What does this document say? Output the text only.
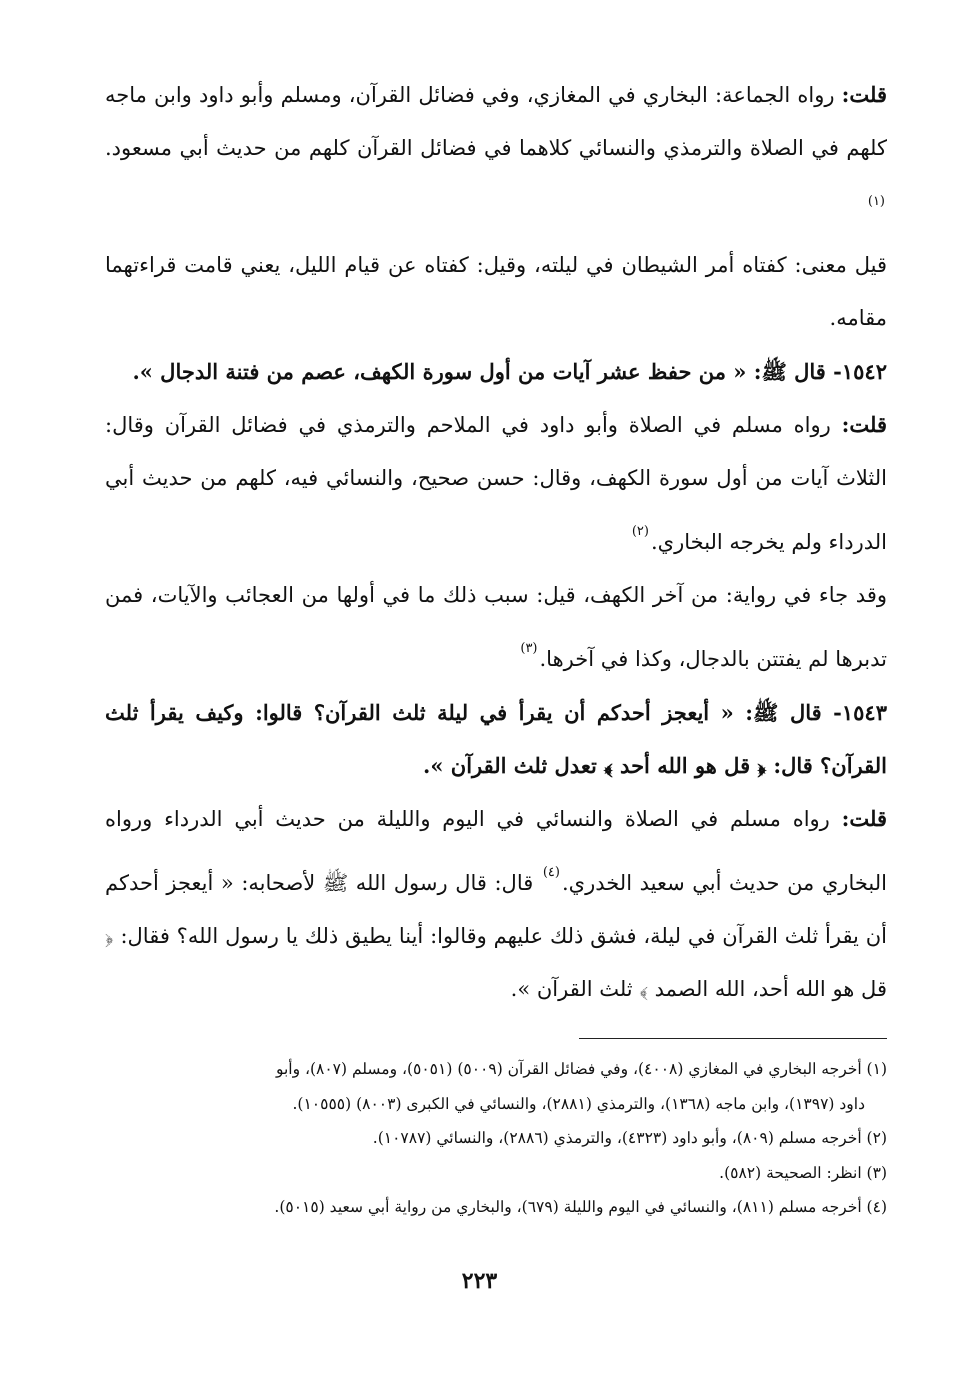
قلت: رواه الجماعة: البخاري في المغازي، وفي فضائل القرآن، ومسلم وأبو داود وابن ماجه كلهم في الصلاة والترمذي والنسائي كلاهما في فضائل القرآن كلهم من حديث أبي مسعود.$^{(١)}$

قيل معنى: كفتاه أمر الشيطان في ليلته، وقيل: كفتاه عن قيام الليل، يعني قامت قراءتهما مقامه.

١٥٤٢- قال ﷺ: « من حفظ عشر آيات من أول سورة الكهف، عصم من فتنة الدجال ».

قلت: رواه مسلم في الصلاة وأبو داود في الملاحم والترمذي في فضائل القرآن وقال: الثلاث آيات من أول سورة الكهف، وقال: حسن صحيح، والنسائي فيه، كلهم من حديث أبي الدرداء ولم يخرجه البخاري.$^{(٢)}$

وقد جاء في رواية: من آخر الكهف، قيل: سبب ذلك ما في أولها من العجائب والآيات، فمن تدبرها لم يفتتن بالدجال، وكذا في آخرها.$^{(٣)}$

١٥٤٣- قال ﷺ: « أيعجز أحدكم أن يقرأ في ليلة ثلث القرآن؟ قالوا: وكيف يقرأ ثلث القرآن؟ قال: ﴿ قل هو الله أحد ﴾ تعدل ثلث القرآن ».

قلت: رواه مسلم في الصلاة والنسائي في اليوم والليلة من حديث أبي الدرداء ورواه البخاري من حديث أبي سعيد الخدري.$^{(٤)}$ قال: قال رسول الله ﷺ لأصحابه: « أيعجز أحدكم أن يقرأ ثلث القرآن في ليلة، فشق ذلك عليهم وقالوا: أينا يطيق ذلك يا رسول الله؟ فقال: ﴿ قل هو الله أحد، الله الصمد ﴾ ثلث القرآن ».

(١) أخرجه البخاري في المغازي (٤٠٠٨)، وفي فضائل القرآن (٥٠٠٩) (٥٠٥١)، ومسلم (٨٠٧)، وأبو

داود (١٣٩٧)، وابن ماجه (١٣٦٨)، والترمذي (٢٨٨١)، والنسائي في الكبرى (٨٠٠٣) (١٠٥٥٥).

(٢) أخرجه مسلم (٨٠٩)، وأبو داود (٤٣٢٣)، والترمذي (٢٨٨٦)، والنسائي (١٠٧٨٧).

(٣) انظر: الصحيحة (٥٨٢).

(٤) أخرجه مسلم (٨١١)، والنسائي في اليوم والليلة (٦٧٩)، والبخاري من رواية أبي سعيد (٥٠١٥).

٢٢٣
